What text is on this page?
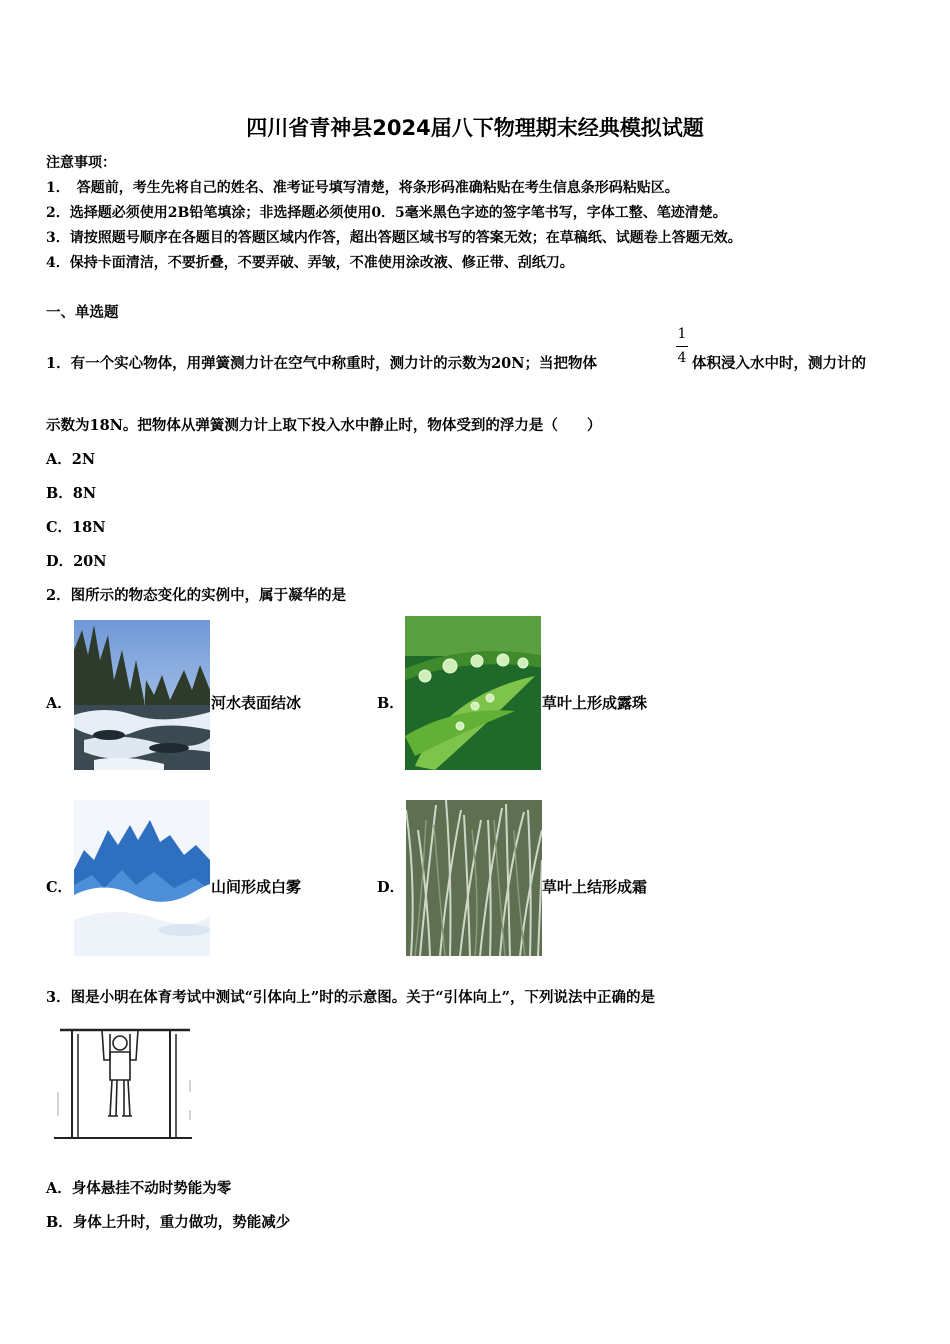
四川省青神县2024届八下物理期末经典模拟试题
注意事项：
1．　答题前，考生先将自己的姓名、准考证号填写清楚，将条形码准确粘贴在考生信息条形码粘贴区。
2．选择题必须使用2B铅笔填涂；非选择题必须使用0．5毫米黑色字迹的签字笔书写，字体工整、笔迹清楚。
3．请按照题号顺序在各题目的答题区域内作答，超出答题区域书写的答案无效；在草稿纸、试题卷上答题无效。
4．保持卡面清洁，不要折叠，不要弄破、弄皱，不准使用涂改液、修正带、刮纸刀。
一、单选题
1．有一个实心物体，用弹簧测力计在空气中称重时，测力计的示数为20N；当把物体
1
4 体积浸入水中时，测力计的
示数为18N。把物体从弹簧测力计上取下投入水中静止时，物体受到的浮力是（　　）
A．2N
B．8N
C．18N
D．20N
2．图所示的物态变化的实例中，属于凝华的是
A．	河水表面结冰	B．	草叶上形成露珠
C．	山间形成白雾	D．	草叶上结形成霜
3．图是小明在体育考试中测试“引体向上”时的示意图。关于“引体向上”，下列说法中正确的是
A．身体悬挂不动时势能为零
B．身体上升时，重力做功，势能减少
